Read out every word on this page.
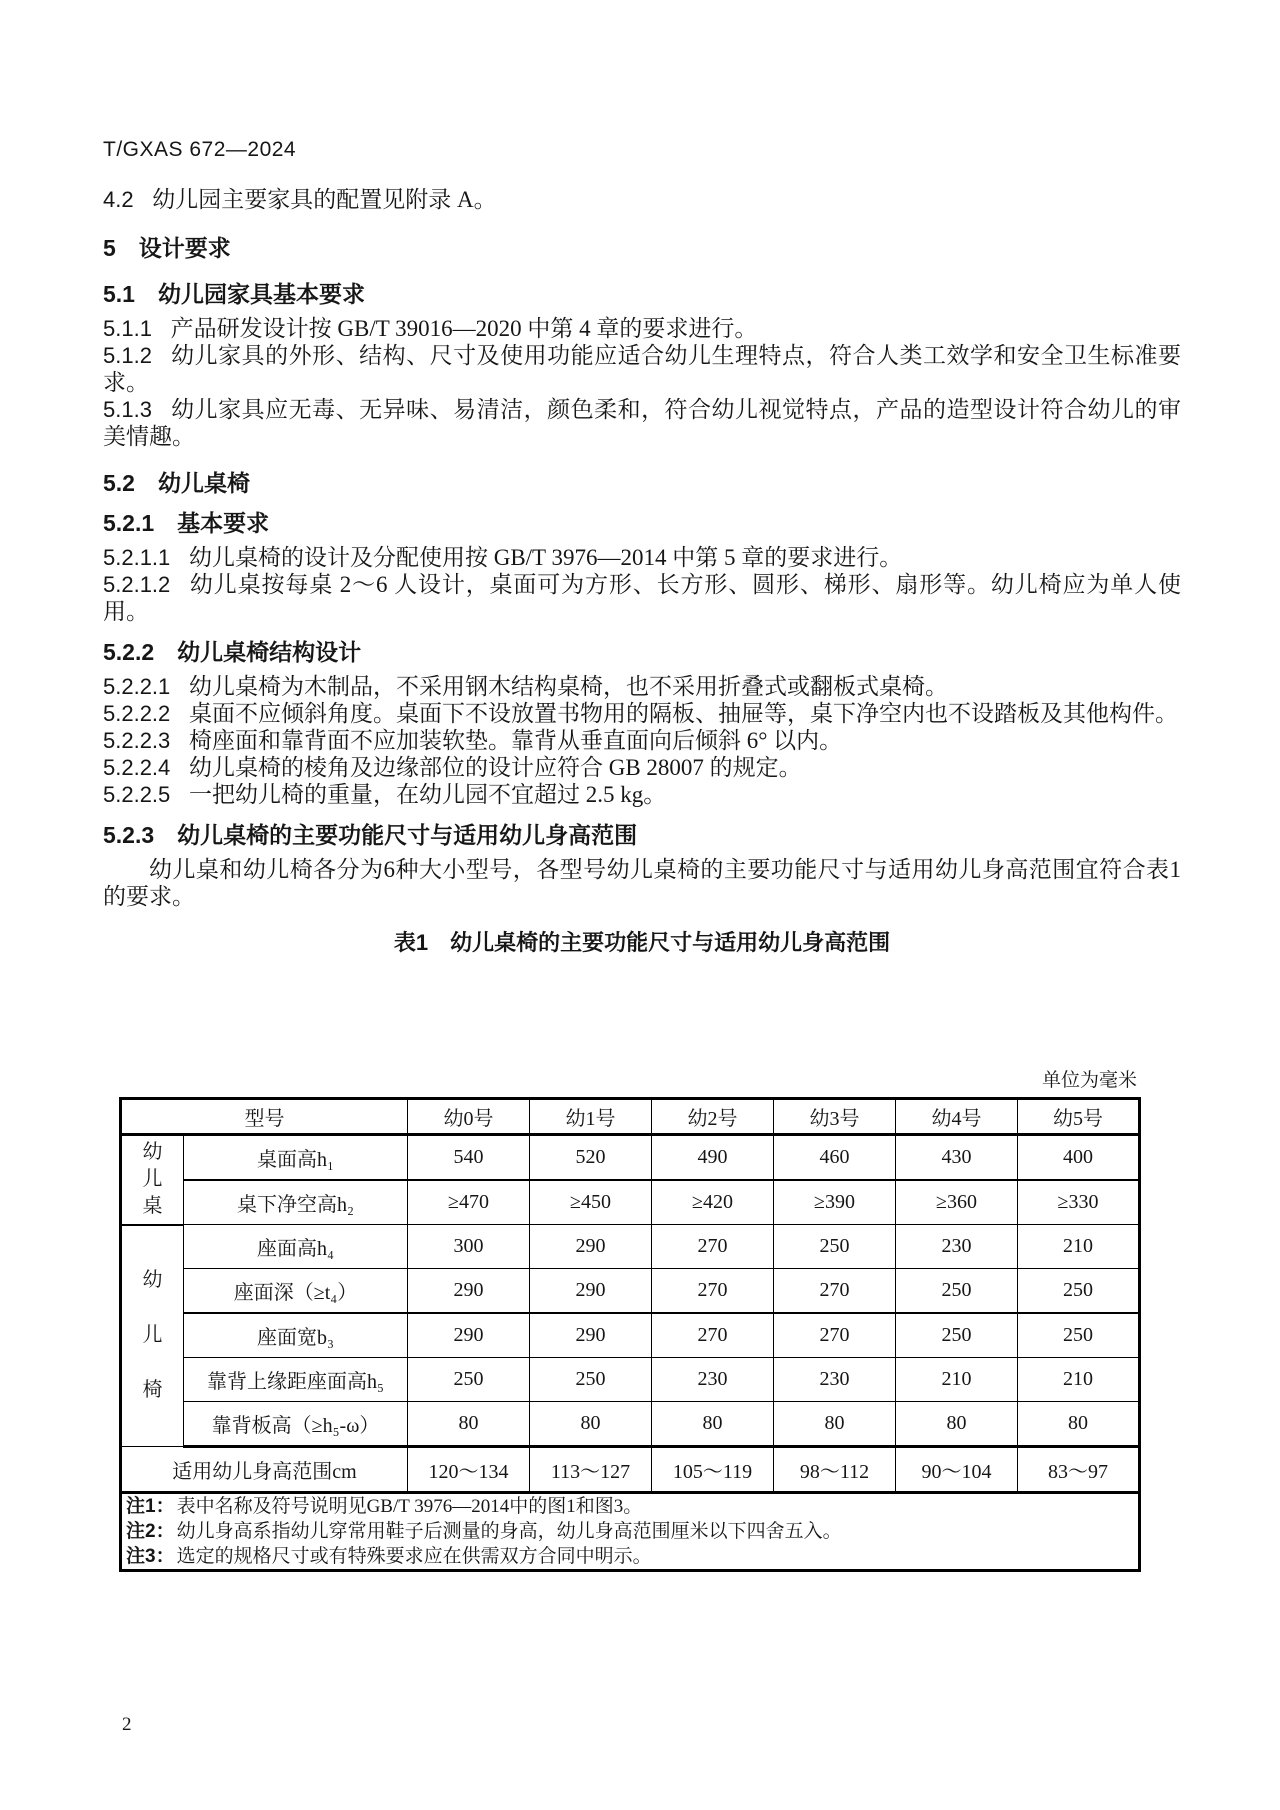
T/GXAS 672—2024

4.2 幼儿园主要家具的配置见附录 A。

5 设计要求
5.1 幼儿园家具基本要求

5.1.1 产品研发设计按 GB/T 39016—2020 中第 4 章的要求进行。

5.1.2 幼儿家具的外形、结构、尺寸及使用功能应适合幼儿生理特点，符合人类工效学和安全卫生标准要求。

5.1.3 幼儿家具应无毒、无异味、易清洁，颜色柔和，符合幼儿视觉特点，产品的造型设计符合幼儿的审美情趣。

5.2 幼儿桌椅
5.2.1 基本要求

5.2.1.1 幼儿桌椅的设计及分配使用按 GB/T 3976—2014 中第 5 章的要求进行。

5.2.1.2 幼儿桌按每桌 2～6 人设计，桌面可为方形、长方形、圆形、梯形、扇形等。幼儿椅应为单人使用。

5.2.2 幼儿桌椅结构设计

5.2.2.1 幼儿桌椅为木制品，不采用钢木结构桌椅，也不采用折叠式或翻板式桌椅。

5.2.2.2 桌面不应倾斜角度。桌面下不设放置书物用的隔板、抽屉等，桌下净空内也不设踏板及其他构件。

5.2.2.3 椅座面和靠背面不应加装软垫。靠背从垂直面向后倾斜 6° 以内。

5.2.2.4 幼儿桌椅的棱角及边缘部位的设计应符合 GB 28007 的规定。

5.2.2.5 一把幼儿椅的重量，在幼儿园不宜超过 2.5 kg。

5.2.3 幼儿桌椅的主要功能尺寸与适用幼儿身高范围

幼儿桌和幼儿椅各分为6种大小型号，各型号幼儿桌椅的主要功能尺寸与适用幼儿身高范围宜符合表1的要求。

表1 幼儿桌椅的主要功能尺寸与适用幼儿身高范围
单位为毫米
型号		幼0号	幼1号	幼2号	幼3号	幼4号	幼5号
幼儿桌	桌面高h₁	540	520	490	460	430	400
	桌下净空高h₂	≥470	≥450	≥420	≥390	≥360	≥330
幼儿椅	座面高h₄	300	290	270	250	230	210
	座面深（≥t₄）	290	290	270	270	250	250
	座面宽b₃	290	290	270	270	250	250
	靠背上缘距座面高h₅	250	250	230	230	210	210
	靠背板高（≥h₅-ω）	80	80	80	80	80	80
适用幼儿身高范围cm		120～134	113～127	105～119	98～112	90～104	83～97

注1： 表中名称及符号说明见GB/T 3976—2014中的图1和图3。
注2： 幼儿身高系指幼儿穿常用鞋子后测量的身高，幼儿身高范围厘米以下四舍五入。
注3： 选定的规格尺寸或有特殊要求应在供需双方合同中明示。							
2
